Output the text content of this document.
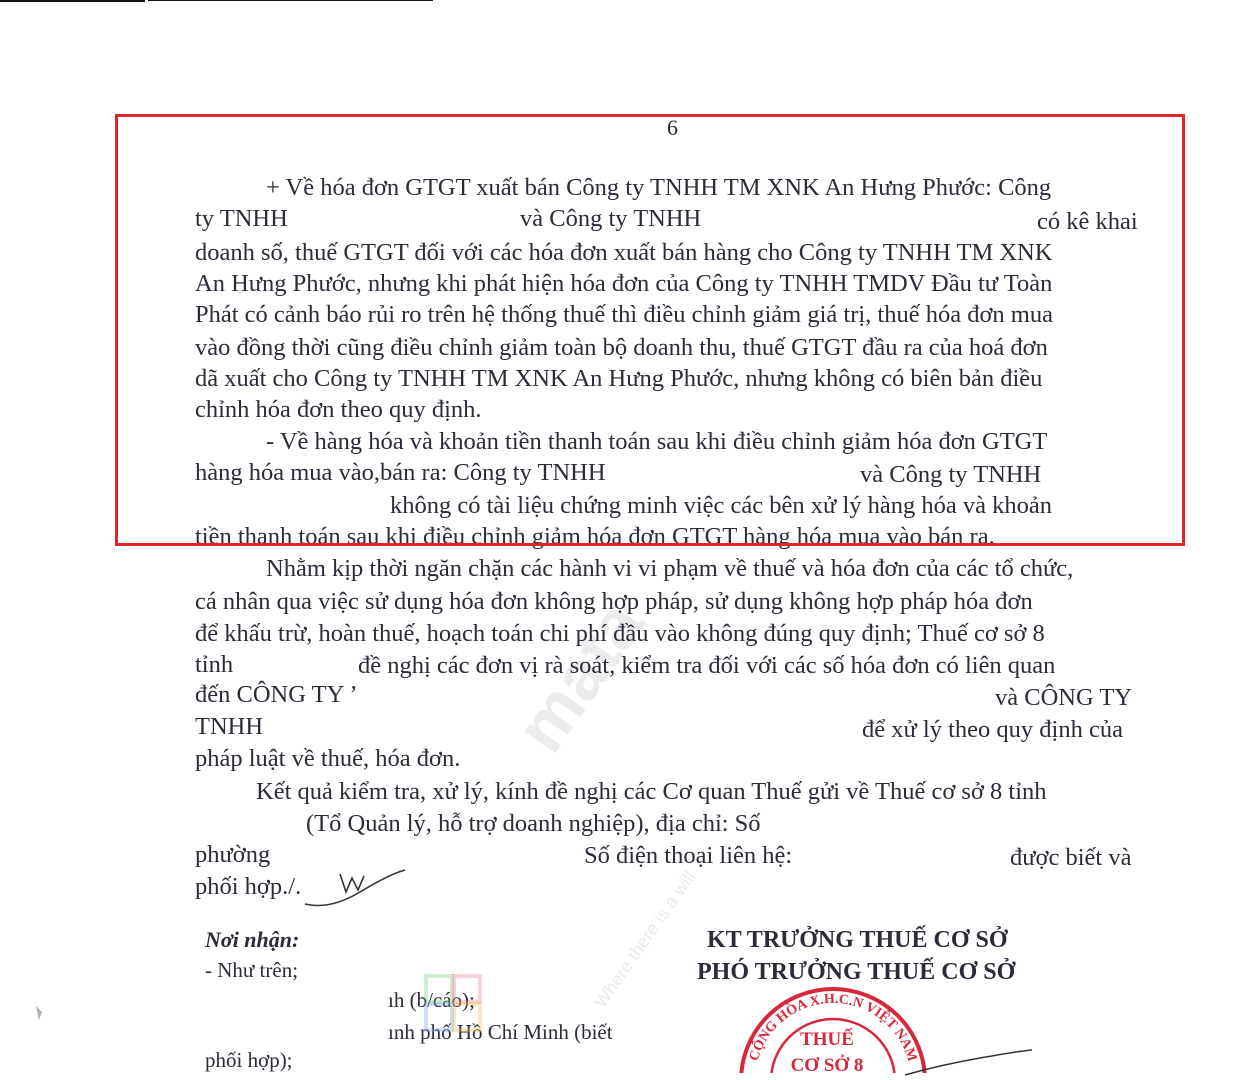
mata
Where there is a will
6
+ Về hóa đơn GTGT xuất bán Công ty TNHH TM XNK An Hưng Phước: Công
ty TNHH	và Công ty TNHH	có kê khai
doanh số, thuế GTGT đối với các hóa đơn xuất bán hàng cho Công ty TNHH TM XNK
An Hưng Phước, nhưng khi phát hiện hóa đơn của Công ty TNHH TMDV Đầu tư Toàn
Phát có cảnh báo rủi ro trên hệ thống thuế thì điều chỉnh giảm giá trị, thuế hóa đơn mua
vào đồng thời cũng điều chỉnh giảm toàn bộ doanh thu, thuế GTGT đầu ra của hoá đơn
dã xuất cho Công ty TNHH TM XNK An Hưng Phước, nhưng không có biên bản điều
chỉnh hóa đơn theo quy định.
- Về hàng hóa và khoản tiền thanh toán sau khi điều chỉnh giảm hóa đơn GTGT
hàng hóa mua vào,bán ra: Công ty TNHH	và Công ty TNHH
không có tài liệu chứng minh việc các bên xử lý hàng hóa và khoản
tiền thanh toán sau khi điều chỉnh giảm hóa đơn GTGT hàng hóa mua vào bán ra.
Nhằm kịp thời ngăn chặn các hành vi vi phạm về thuế và hóa đơn của các tổ chức,
cá nhân qua việc sử dụng hóa đơn không hợp pháp, sử dụng không hợp pháp hóa đơn
để khấu trừ, hoàn thuế, hoạch toán chi phí đầu vào không đúng quy định; Thuế cơ sở 8
tỉnh	đề nghị các đơn vị rà soát, kiểm tra đối với các số hóa đơn có liên quan
đến CÔNG TY ’	và CÔNG TY
TNHH	để xử lý theo quy định của
pháp luật về thuế, hóa đơn.
Kết quả kiểm tra, xử lý, kính đề nghị các Cơ quan Thuế gửi về Thuế cơ sở 8 tỉnh
(Tổ Quản lý, hỗ trợ doanh nghiệp), địa chỉ: Số
phường	Số điện thoại liên hệ:	được biết và
phối hợp./.
Nơi nhận:
- Như trên;
ıh (b/cáo);
ınh phố Hồ Chí Minh (biết
phối hợp);
KT TRƯỞNG THUẾ CƠ SỞ
PHÓ TRƯỞNG THUẾ CƠ SỞ
CỘNG HÒA X.H.C.N VIỆT NAM
THUẾ
CƠ SỞ 8
